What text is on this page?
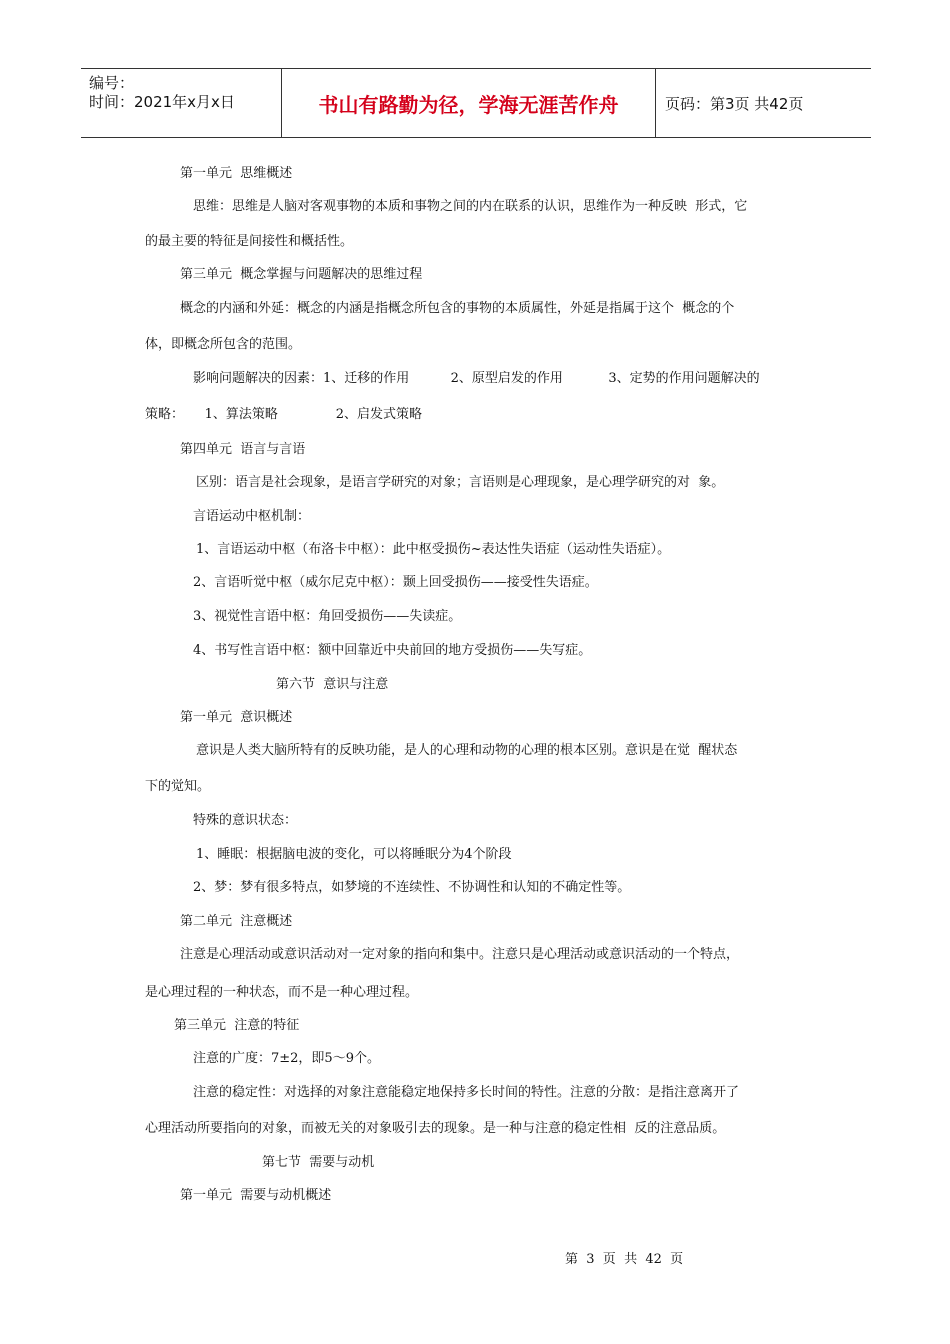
编号：
时间：2021年x月x日	书山有路勤为径，学海无涯苦作舟	页码：第3页 共42页
第一单元  思维概述
思维：思维是人脑对客观事物的本质和事物之间的内在联系的认识，思维作为一种反映  形式，它
的最主要的特征是间接性和概括性。
第三单元  概念掌握与问题解决的思维过程
概念的内涵和外延：概念的内涵是指概念所包含的事物的本质属性，外延是指属于这个  概念的个
体，即概念所包含的范围。
影响问题解决的因素：1、迁移的作用          2、原型启发的作用           3、定势的作用问题解决的
策略：     1、算法策略              2、启发式策略
第四单元  语言与言语
区别：语言是社会现象，是语言学研究的对象；言语则是心理现象，是心理学研究的对  象。
言语运动中枢机制：
1、言语运动中枢（布洛卡中枢）：此中枢受损伤~表达性失语症（运动性失语症）。
2、言语听觉中枢（威尔尼克中枢）：颞上回受损伤——接受性失语症。
3、视觉性言语中枢：角回受损伤——失读症。
4、书写性言语中枢：额中回靠近中央前回的地方受损伤——失写症。
第六节  意识与注意
第一单元  意识概述
意识是人类大脑所特有的反映功能，是人的心理和动物的心理的根本区别。意识是在觉  醒状态
下的觉知。
特殊的意识状态：
1、睡眠：根据脑电波的变化，可以将睡眠分为4个阶段
2、梦：梦有很多特点，如梦境的不连续性、不协调性和认知的不确定性等。
第二单元  注意概述
注意是心理活动或意识活动对一定对象的指向和集中。注意只是心理活动或意识活动的一个特点，
是心理过程的一种状态，而不是一种心理过程。
第三单元  注意的特征
注意的广度：7±2，即5～9个。
注意的稳定性：对选择的对象注意能稳定地保持多长时间的特性。注意的分散：是指注意离开了
心理活动所要指向的对象，而被无关的对象吸引去的现象。是一种与注意的稳定性相  反的注意品质。
第七节  需要与动机
第一单元  需要与动机概述
第  3  页  共  42  页
